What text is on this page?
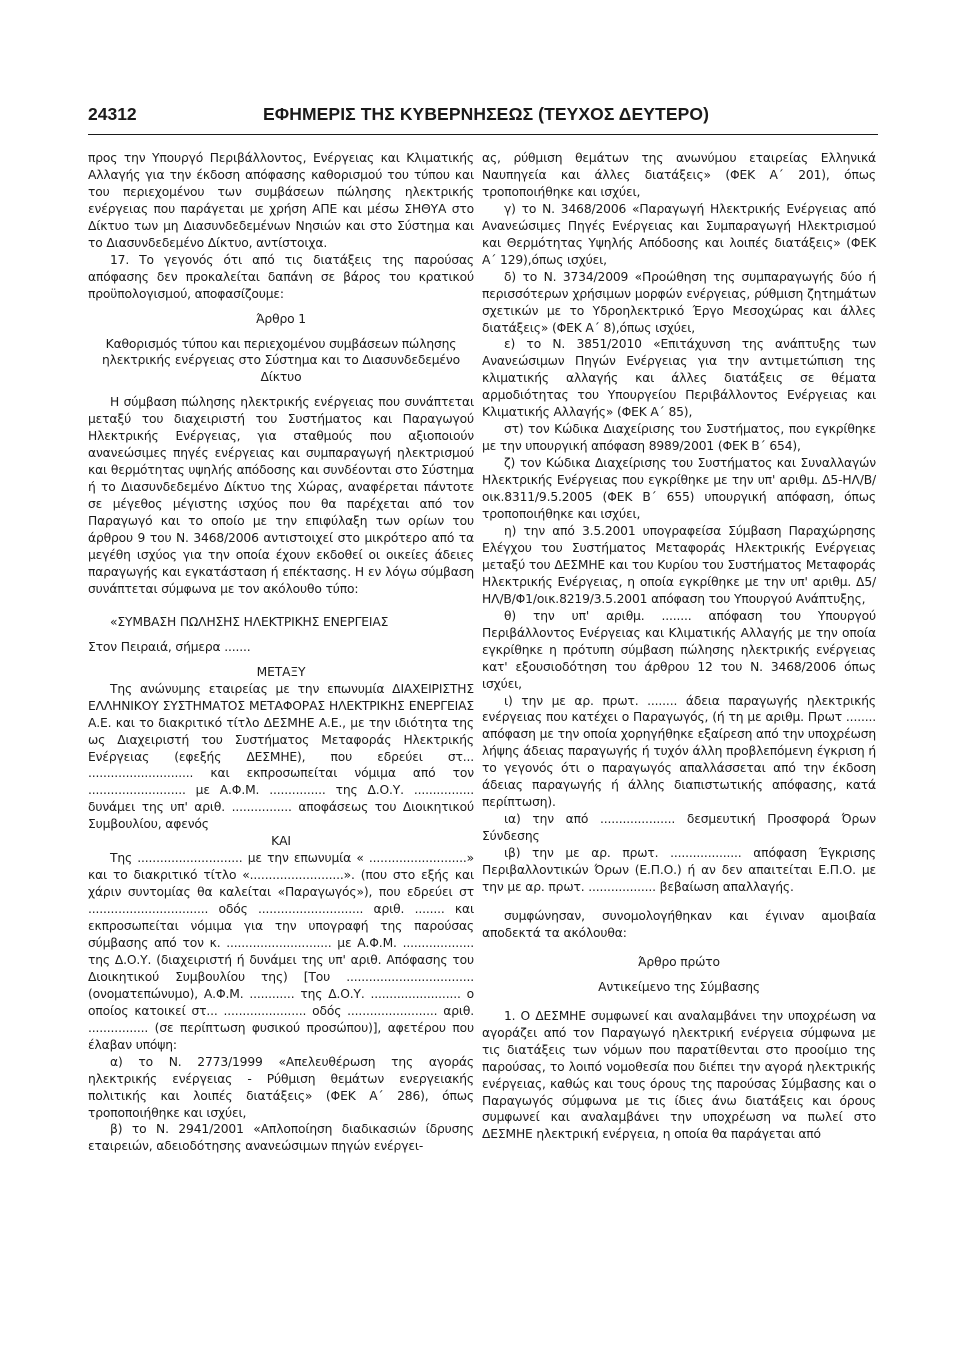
24312	ΕΦΗΜΕΡΙΣ ΤΗΣ ΚΥΒΕΡΝΗΣΕΩΣ (ΤΕΥΧΟΣ ΔΕΥΤΕΡΟ)

προς την Υπουργό Περιβάλλοντος, Ενέργειας και Κλιματικής Αλλαγής για την έκδοση απόφασης καθορισμού του τύπου και του περιεχομένου των συμβάσεων πώλησης ηλεκτρικής ενέργειας που παράγεται με χρήση ΑΠΕ και μέσω ΣΗΘΥΑ στο Δίκτυο των μη Διασυνδεδεμένων Νησιών και στο Σύστημα και το Διασυνδεδεμένο Δίκτυο, αντίστοιχα.

17. Το γεγονός ότι από τις διατάξεις της παρούσας απόφασης δεν προκαλείται δαπάνη σε βάρος του κρατικού προϋπολογισμού, αποφασίζουμε:

Άρθρο 1

Καθορισμός τύπου και περιεχομένου συμβάσεων πώλησης ηλεκτρικής ενέργειας στο Σύστημα και το Διασυνδεδεμένο Δίκτυο

Η σύμβαση πώλησης ηλεκτρικής ενέργειας που συνάπτεται μεταξύ του διαχειριστή του Συστήματος και Παραγωγού Ηλεκτρικής Ενέργειας, για σταθμούς που αξιοποιούν ανανεώσιμες πηγές ενέργειας και συμπαραγωγή ηλεκτρισμού και θερμότητας υψηλής απόδοσης και συνδέονται στο Σύστημα ή το Διασυνδεδεμένο Δίκτυο της Χώρας, αναφέρεται πάντοτε σε μέγεθος μέγιστης ισχύος που θα παρέχεται από τον Παραγωγό και το οποίο με την επιφύλαξη των ορίων του άρθρου 9 του Ν. 3468/2006 αντιστοιχεί στο μικρότερο από τα μεγέθη ισχύος για την οποία έχουν εκδοθεί οι οικείες άδειες παραγωγής και εγκατάσταση ή επέκτασης. Η εν λόγω σύμβαση συνάπτεται σύμφωνα με τον ακόλουθο τύπο:

«ΣΥΜΒΑΣΗ ΠΩΛΗΣΗΣ ΗΛΕΚΤΡΙΚΗΣ ΕΝΕΡΓΕΙΑΣ

Στον Πειραιά, σήμερα .......

ΜΕΤΑΞΥ

Της ανώνυμης εταιρείας με την επωνυμία ΔΙΑΧΕΙΡΙΣΤΗΣ ΕΛΛΗΝΙΚΟΥ ΣΥΣΤΗΜΑΤΟΣ ΜΕΤΑΦΟΡΑΣ ΗΛΕΚΤΡΙΚΗΣ ΕΝΕΡΓΕΙΑΣ Α.Ε. και το διακριτικό τίτλο ΔΕΣΜΗΕ Α.Ε., με την ιδιότητα της ως Διαχειριστή του Συστήματος Μεταφοράς Ηλεκτρικής Ενέργειας (εφεξής ΔΕΣΜΗΕ), που εδρεύει στ... ............................ και εκπροσωπείται νόμιμα από τον .......................... με Α.Φ.Μ. ............... της Δ.Ο.Υ. ................ δυνάμει της υπ' αριθ. ................ αποφάσεως του Διοικητικού Συμβουλίου, αφενός

ΚΑΙ

Της ............................ με την επωνυμία « ..........................» και το διακριτικό τίτλο «.........................». (που στο εξής και χάριν συντομίας θα καλείται «Παραγωγός»), που εδρεύει στ ................................ οδός ............................ αριθ. ........ και εκπροσωπείται νόμιμα για την υπογραφή της παρούσας σύμβασης από τον κ. ............................ με Α.Φ.Μ. ................... της Δ.Ο.Υ. (διαχειριστή ή δυνάμει της υπ' αριθ. Απόφασης του Διοικητικού Συμβουλίου της) [Του .................................. (ονοματεπώνυμο), Α.Φ.Μ. ............ της Δ.Ο.Υ. ........................ ο οποίος κατοικεί στ... ...................... οδός ........................ αριθ. ................ (σε περίπτωση φυσικού προσώπου)], αφετέρου που έλαβαν υπόψη:

α) το Ν. 2773/1999 «Απελευθέρωση της αγοράς ηλεκτρικής ενέργειας - Ρύθμιση θεμάτων ενεργειακής πολιτικής και λοιπές διατάξεις» (ΦΕΚ Α΄ 286), όπως τροποποιήθηκε και ισχύει,

β) το Ν. 2941/2001 «Απλοποίηση διαδικασιών ίδρυσης εταιρειών, αδειοδότησης ανανεώσιμων πηγών ενέργει-

ας, ρύθμιση θεμάτων της ανωνύμου εταιρείας Ελληνικά Ναυπηγεία και άλλες διατάξεις» (ΦΕΚ Α΄ 201), όπως τροποποιήθηκε και ισχύει,

γ) το Ν. 3468/2006 «Παραγωγή Ηλεκτρικής Ενέργειας από Ανανεώσιμες Πηγές Ενέργειας και Συμπαραγωγή Ηλεκτρισμού και Θερμότητας Υψηλής Απόδοσης και λοιπές διατάξεις» (ΦΕΚ Α΄ 129),όπως ισχύει,

δ) το Ν. 3734/2009 «Προώθηση της συμπαραγωγής δύο ή περισσότερων χρήσιμων μορφών ενέργειας, ρύθμιση ζητημάτων σχετικών με το Υδροηλεκτρικό Έργο Μεσοχώρας και άλλες διατάξεις» (ΦΕΚ Α΄ 8),όπως ισχύει,

ε) το Ν. 3851/2010 «Επιτάχυνση της ανάπτυξης των Ανανεώσιμων Πηγών Ενέργειας για την αντιμετώπιση της κλιματικής αλλαγής και άλλες διατάξεις σε θέματα αρμοδιότητας του Υπουργείου Περιβάλλοντος Ενέργειας και Κλιματικής Αλλαγής» (ΦΕΚ Α΄ 85),

στ) τον Κώδικα Διαχείρισης του Συστήματος, που εγκρίθηκε με την υπουργική απόφαση 8989/2001 (ΦΕΚ Β΄ 654),

ζ) τον Κώδικα Διαχείρισης του Συστήματος και Συναλλαγών Ηλεκτρικής Ενέργειας που εγκρίθηκε με την υπ' αριθμ. Δ5-ΗΛ/Β/οικ.8311/9.5.2005 (ΦΕΚ Β΄ 655) υπουργική απόφαση, όπως τροποποιήθηκε και ισχύει,

η) την από 3.5.2001 υπογραφείσα Σύμβαση Παραχώρησης Ελέγχου του Συστήματος Μεταφοράς Ηλεκτρικής Ενέργειας μεταξύ του ΔΕΣΜΗΕ και του Κυρίου του Συστήματος Μεταφοράς Ηλεκτρικής Ενέργειας, η οποία εγκρίθηκε με την υπ' αριθμ. Δ5/ΗΛ/Β/Φ1/οικ.8219/3.5.2001 απόφαση του Υπουργού Ανάπτυξης,

θ) την υπ' αριθμ. ........ απόφαση του Υπουργού Περιβάλλοντος Ενέργειας και Κλιματικής Αλλαγής με την οποία εγκρίθηκε η πρότυπη σύμβαση πώλησης ηλεκτρικής ενέργειας κατ' εξουσιοδότηση του άρθρου 12 του Ν. 3468/2006 όπως ισχύει,

ι) την με αρ. πρωτ. ........ άδεια παραγωγής ηλεκτρικής ενέργειας που κατέχει ο Παραγωγός, (ή τη με αριθμ. Πρωτ ........ απόφαση με την οποία χορηγήθηκε εξαίρεση από την υποχρέωση λήψης άδειας παραγωγής ή τυχόν άλλη προβλεπόμενη έγκριση ή το γεγονός ότι ο παραγωγός απαλλάσσεται από την έκδοση άδειας παραγωγής ή άλλης διαπιστωτικής απόφασης, κατά περίπτωση).

ια) την από .................... δεσμευτική Προσφορά Όρων Σύνδεσης

ιβ) την με αρ. πρωτ. ................... απόφαση Έγκρισης Περιβαλλοντικών Όρων (Ε.Π.Ο.) ή αν δεν απαιτείται Ε.Π.Ο. με την με αρ. πρωτ. .................. βεβαίωση απαλλαγής.

συμφώνησαν, συνομολογήθηκαν και έγιναν αμοιβαία αποδεκτά τα ακόλουθα:

Άρθρο πρώτο

Αντικείμενο της Σύμβασης

1. Ο ΔΕΣΜΗΕ συμφωνεί και αναλαμβάνει την υποχρέωση να αγοράζει από τον Παραγωγό ηλεκτρική ενέργεια σύμφωνα με τις διατάξεις των νόμων που παρατίθενται στο προοίμιο της παρούσας, το λοιπό νομοθεσία που διέπει την αγορά ηλεκτρικής ενέργειας, καθώς και τους όρους της παρούσας Σύμβασης και ο Παραγωγός σύμφωνα με τις ίδιες άνω διατάξεις και όρους συμφωνεί και αναλαμβάνει την υποχρέωση να πωλεί στο ΔΕΣΜΗΕ ηλεκτρική ενέργεια, η οποία θα παράγεται από
